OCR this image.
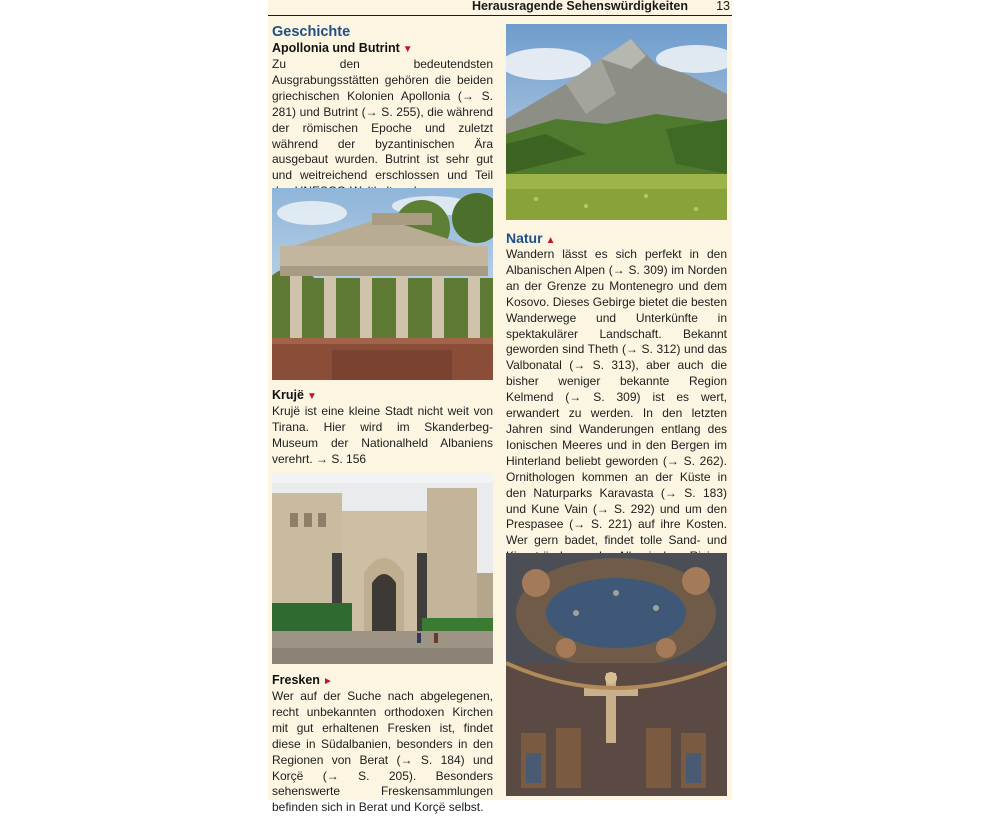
Herausragende Sehenswürdigkeiten 13
Geschichte
Apollonia und Butrint ▼
Zu den bedeutendsten Ausgrabungsstätten gehören die beiden griechischen Kolonien Apollonia (→ S. 281) und Butrint (→ S. 255), die während der römischen Epoche und zuletzt während der byzantinischen Ära ausgebaut wurden. Butrint ist sehr gut und weitreichend erschlossen und Teil
Krujë ▼
Krujë ist eine kleine Stadt nicht weit von Tirana. Hier wird im Skanderbeg-Museum der Nationalheld Albaniens verehrt. → S. 156
Fresken ►
Wer auf der Suche nach abgelegenen, recht unbekannten orthodoxen Kirchen mit gut erhaltenen Fresken ist, findet diese in Südalbanien, besonders in den Regionen von Berat (→ S. 184) und Korçë (→ S. 205). Besonders sehenswerte Freskensammlungen befinden sich in Berat und Korçë selbst.
Natur ▲
Wandern lässt es sich perfekt in den Albanischen Alpen (→ S. 309) im Norden an der Grenze zu Montenegro und dem Kosovo. Dieses Gebirge bietet die besten Wanderwege und Unterkünfte in spektakulärer Landschaft. Bekannt geworden sind Theth (→ S. 312) und das Valbonatal (→ S. 313), aber auch die bisher weniger bekannte Region Kelmend (→ S. 309) ist es wert, erwandert zu werden. In den letzten Jahren sind Wanderungen entlang des Ionischen Meeres und in den Bergen im Hinterland beliebt geworden (→ S. 262). Ornithologen kommen an der Küste in den Naturparks Karavasta (→ S. 183) und Kune Vain (→ S. 292) und um den Prespasee (→ S. 221) auf ihre Kosten. Wer gern badet, findet tolle Sand- und
